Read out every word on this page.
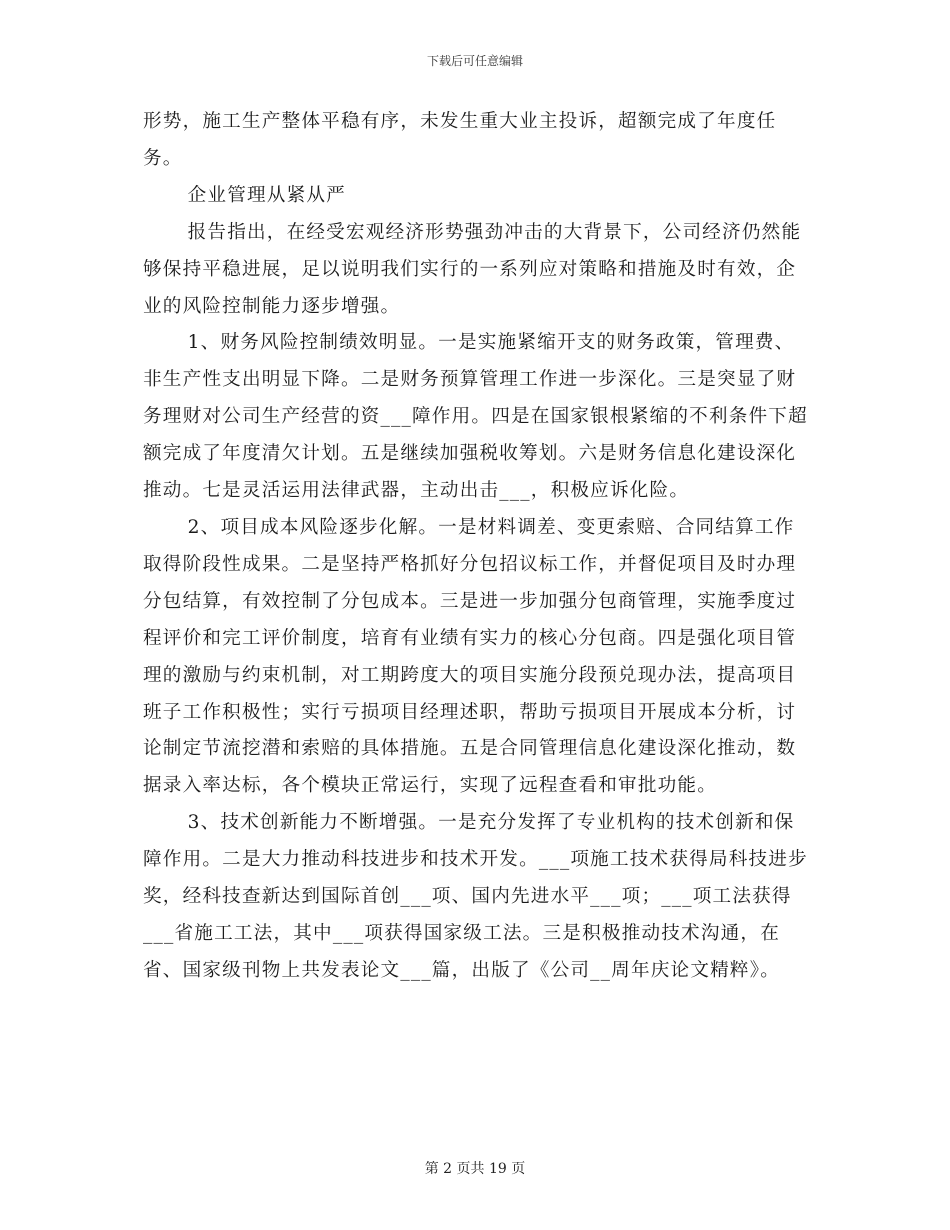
下载后可任意编辑

形势，施工生产整体平稳有序，未发生重大业主投诉，超额完成了年度任务。

企业管理从紧从严

报告指出，在经受宏观经济形势强劲冲击的大背景下，公司经济仍然能够保持平稳进展，足以说明我们实行的一系列应对策略和措施及时有效，企业的风险控制能力逐步增强。

1、财务风险控制绩效明显。一是实施紧缩开支的财务政策，管理费、非生产性支出明显下降。二是财务预算管理工作进一步深化。三是突显了财务理财对公司生产经营的资___障作用。四是在国家银根紧缩的不利条件下超额完成了年度清欠计划。五是继续加强税收筹划。六是财务信息化建设深化推动。七是灵活运用法律武器，主动出击___，积极应诉化险。

2、项目成本风险逐步化解。一是材料调差、变更索赔、合同结算工作取得阶段性成果。二是坚持严格抓好分包招议标工作，并督促项目及时办理分包结算，有效控制了分包成本。三是进一步加强分包商管理，实施季度过程评价和完工评价制度，培育有业绩有实力的核心分包商。四是强化项目管理的激励与约束机制，对工期跨度大的项目实施分段预兑现办法，提高项目班子工作积极性；实行亏损项目经理述职，帮助亏损项目开展成本分析，讨论制定节流挖潜和索赔的具体措施。五是合同管理信息化建设深化推动，数据录入率达标，各个模块正常运行，实现了远程查看和审批功能。

3、技术创新能力不断增强。一是充分发挥了专业机构的技术创新和保障作用。二是大力推动科技进步和技术开发。___项施工技术获得局科技进步奖，经科技查新达到国际首创___项、国内先进水平___项；___项工法获得___省施工工法，其中___项获得国家级工法。三是积极推动技术沟通，在省、国家级刊物上共发表论文___篇，出版了《公司__周年庆论文精粹》。

第 2 页共 19 页
